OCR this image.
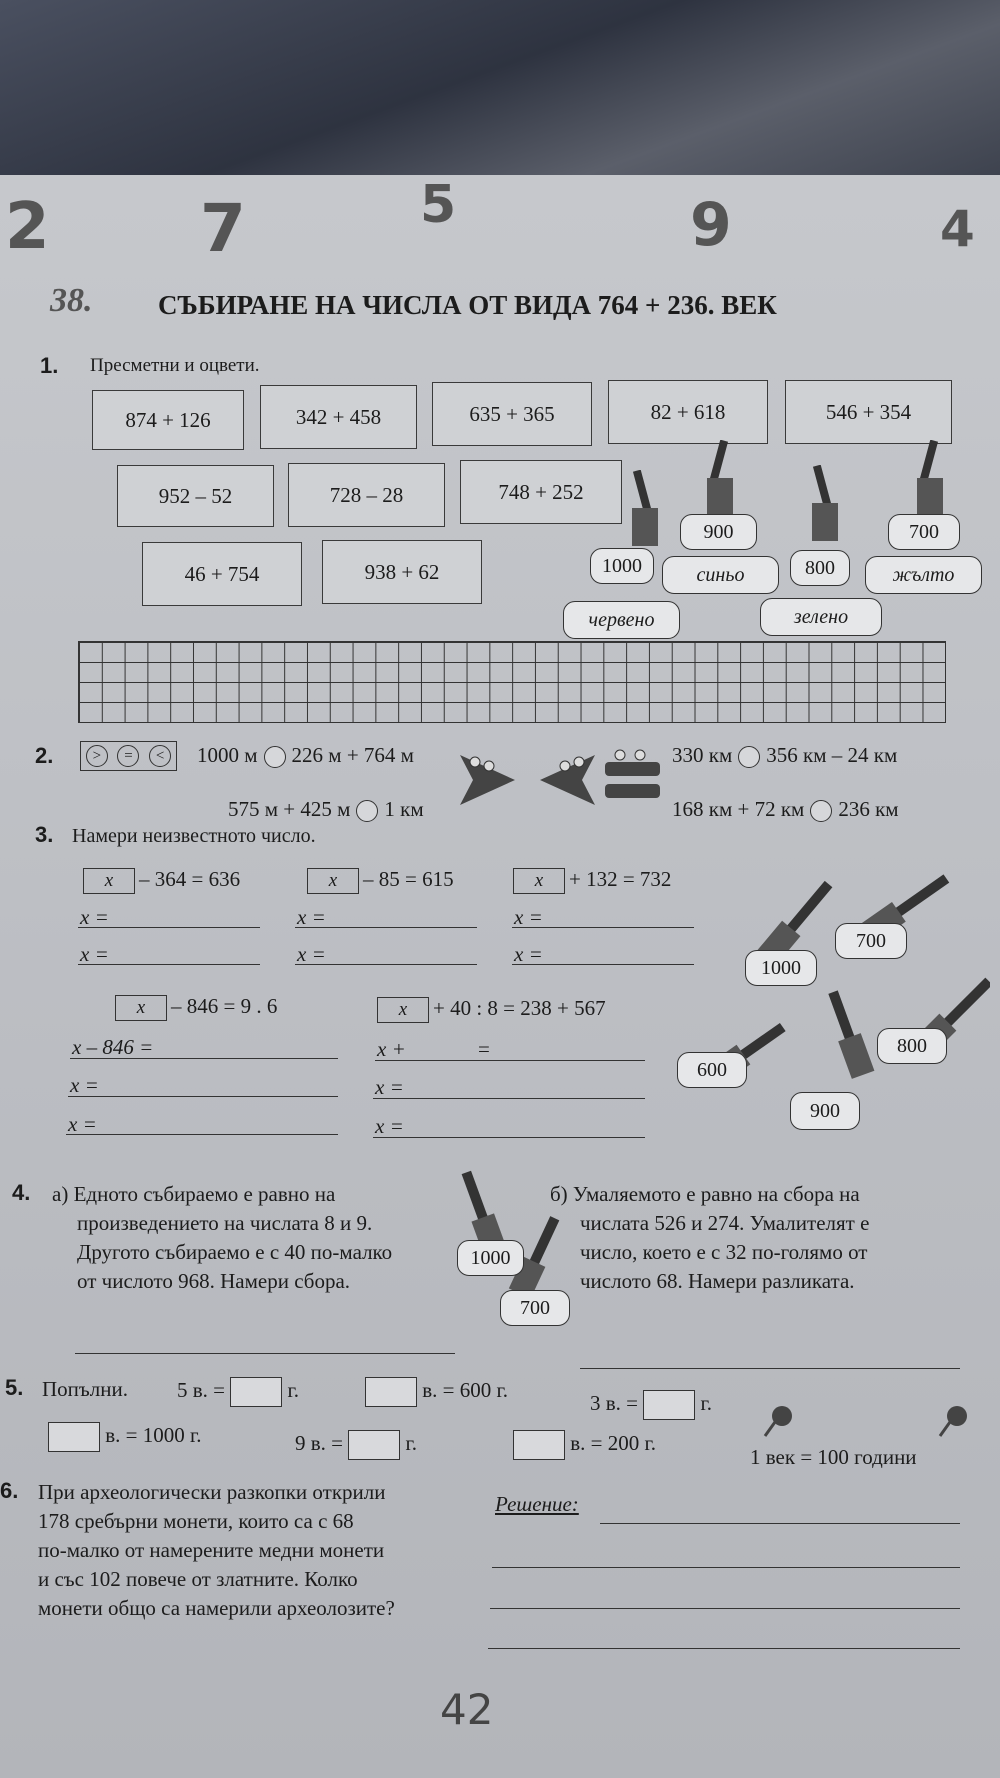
2 7	5	9	4
38. СЪБИРАНЕ НА ЧИСЛА ОТ ВИДА 764 + 236. ВЕК
1. Пресметни и оцвети.
874 + 126	342 + 458	635 + 365	82 + 618	546 + 354
952 – 52	728 – 28	748 + 252
46 + 754	938 + 62
900
синьо
700
жълто
1000
червено
800
зелено
2.	>	=	<	1000 м 226 м + 764 м	330 км 356 км – 24 км
575 м + 425 м 1 км	168 км + 72 км 236 км
3. Намери неизвестното число.
x – 364 = 636	x – 85 = 615	x + 132 = 732
x =
x =
x =
x =
x =
x =
x – 846 = 9 . 6	x + 40 : 8 = 238 + 567
x – 846 =
x =
x =
x +	=
x =
x =
700
1000
800
600
900
4. а) Едното събираемо е равно на
произведението на числата 8 и 9.
Другото събираемо е с 40 по-малко
от числото 968. Намери сбора.
1000
700
б) Умаляемото е равно на сбора на
числата 526 и 274. Умалителят е
число, което е с 32 по-голямо от
числото 68. Намери разликата.
5. Попълни. 5 в. =	г.	в. = 600 г.
3 в. =	г.
в. = 1000 г.	9 в. =	г.	в. = 200 г.
1 век = 100 години
6. При археологически разкопки открили
178 сребърни монети, които са с 68
по-малко от намерените медни монети
и със 102 повече от златните. Колко
монети общо са намерили археолозите?
Решение:
42
